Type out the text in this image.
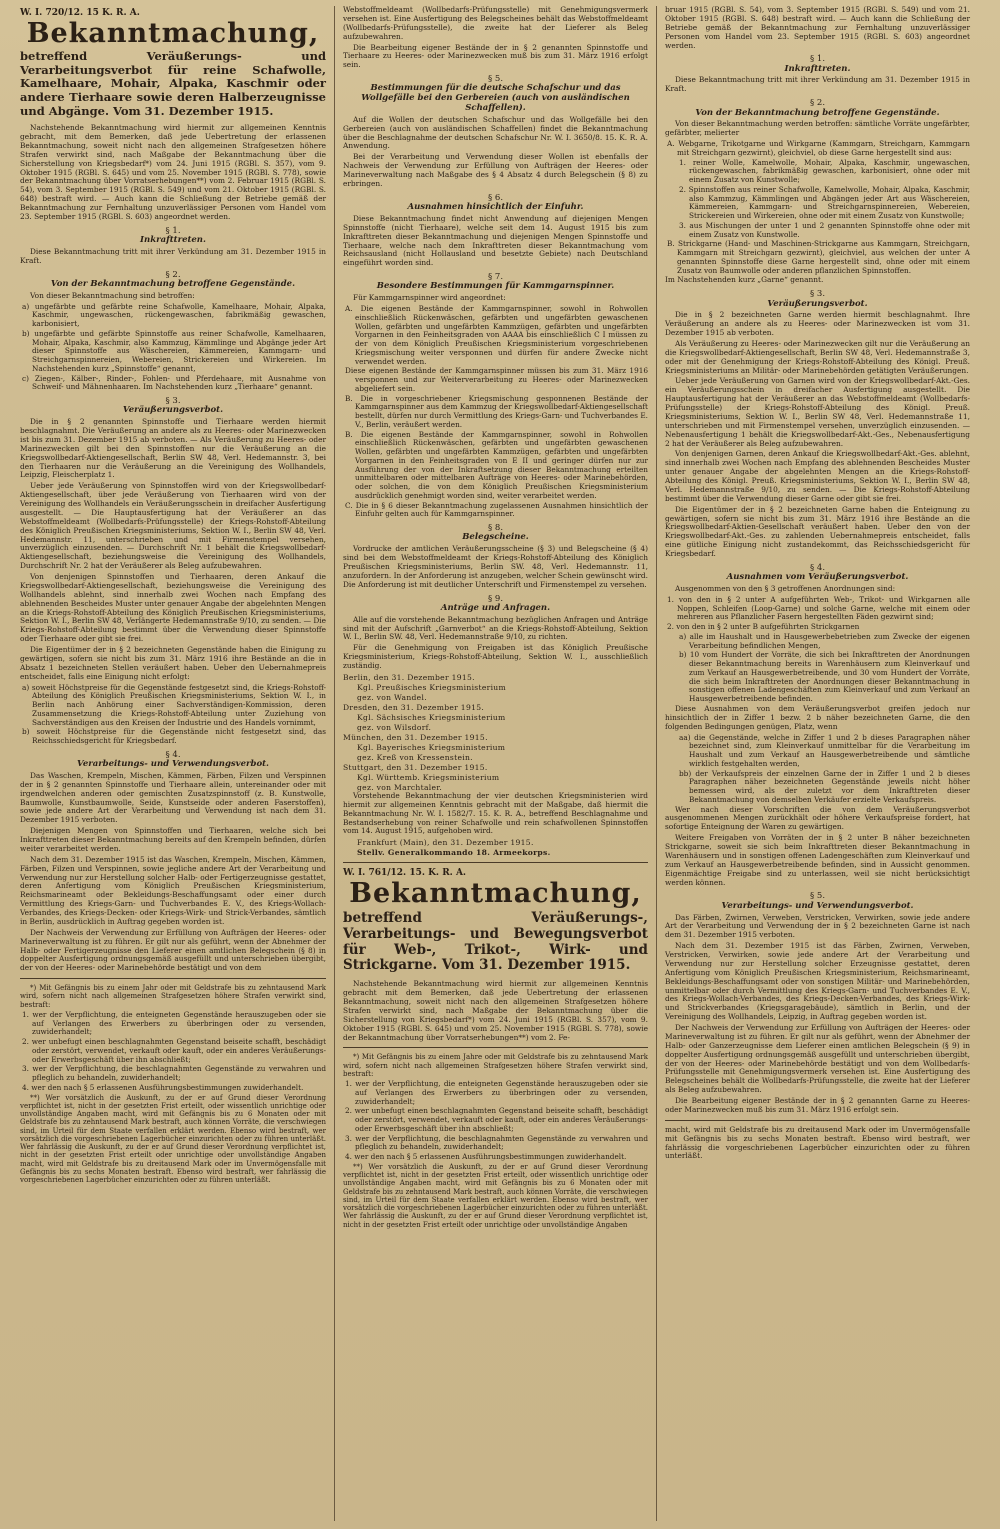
W. I. 720/12. 15 K. R. A.
Bekanntmachung,
betreffend Veräußerungs- und Verarbeitungsverbot für reine Schafwolle, Kamelhaare, Mohair, Alpaka, Kaschmir oder andere Tierhaare sowie deren Halberzeugnisse und Abgänge. Vom 31. Dezember 1915.

Nachstehende Bekanntmachung wird hiermit zur allgemeinen Kenntnis gebracht, mit dem Bemerken, daß jede Uebertretung der erlassenen Bekanntmachung, soweit nicht nach den allgemeinen Strafgesetzen höhere Strafen verwirkt sind, nach Maßgabe der Bekanntmachung über die Sicherstellung von Kriegsbedarf*) vom 24. Juni 1915 (RGBl. S. 357), vom 9. Oktober 1915 (RGBl. S. 645) und vom 25. November 1915 (RGBl. S. 778), sowie der Bekanntmachung über Vorratserhebungen**) vom 2. Februar 1915 (RGBl. S. 54), vom 3. September 1915 (RGBl. S. 549) und vom 21. Oktober 1915 (RGBl. S. 648) bestraft wird. — Auch kann die Schließung der Betriebe gemäß der Bekanntmachung zur Fernhaltung unzuverlässiger Personen vom Handel vom 23. September 1915 (RGBl. S. 603) angeordnet werden.

§ 1.
Inkrafttreten.

Diese Bekanntmachung tritt mit ihrer Verkündung am 31. Dezember 1915 in Kraft.

§ 2.
Von der Bekanntmachung betroffene Gegenstände.

Von dieser Bekanntmachung sind betroffen:

a) ungefärbte und gefärbte reine Schafwolle, Kamelhaare, Mohair, Alpaka, Kaschmir, ungewaschen, rückengewaschen, fabrikmäßig gewaschen, karbonisiert,
b) ungefärbte und gefärbte Spinnstoffe aus reiner Schafwolle, Kamelhaaren, Mohair, Alpaka, Kaschmir, also Kammzug, Kämmlinge und Abgänge jeder Art dieser Spinnstoffe aus Wäschereien, Kämmereien, Kammgarn- und Streichgarnspinnereien, Webereien, Strickereien und Wirkereien. Im Nachstehenden kurz „Spinnstoffe“ genannt,
c) Ziegen-, Kälber-, Rinder-, Fohlen- und Pferdehaare, mit Ausnahme von Schweif- und Mähnenhaaren. Im Nachstehenden kurz „Tierhaare“ genannt.
§ 3.
Veräußerungsverbot.

Die in § 2 genannten Spinnstoffe und Tierhaare werden hiermit beschlagnahmt. Die Veräußerung an andere als zu Heeres- oder Marinezwecken ist bis zum 31. Dezember 1915 ab verboten. — Als Veräußerung zu Heeres- oder Marinezwecken gilt bei den Spinnstoffen nur die Veräußerung an die Kriegswollbedarf-Aktiengesellschaft, Berlin SW 48, Verl. Hedemannstr. 3, bei den Tierhaaren nur die Veräußerung an die Vereinigung des Wollhandels, Leipzig, Fleischerplatz 1.

Ueber jede Veräußerung von Spinnstoffen wird von der Kriegswollbedarf-Aktiengesellschaft, über jede Veräußerung von Tierhaaren wird von der Vereinigung des Wollhandels ein Veräußerungsschein in dreifacher Ausfertigung ausgestellt. — Die Hauptausfertigung hat der Veräußerer an das Webstoffmeldeamt (Wollbedarfs-Prüfungsstelle) der Kriegs-Rohstoff-Abteilung des Königlich Preußischen Kriegsministeriums, Sektion W. I., Berlin SW 48, Verl. Hedemannstr. 11, unterschrieben und mit Firmenstempel versehen, unverzüglich einzusenden. — Durchschrift Nr. 1 behält die Kriegswollbedarf-Aktiengesellschaft, beziehungsweise die Vereinigung des Wollhandels, Durchschrift Nr. 2 hat der Veräußerer als Beleg aufzubewahren.

Von denjenigen Spinnstoffen und Tierhaaren, deren Ankauf die Kriegswollbedarf-Aktiengesellschaft, beziehungsweise die Vereinigung des Wollhandels ablehnt, sind innerhalb zwei Wochen nach Empfang des ablehnenden Bescheides Muster unter genauer Angabe der abgelehnten Mengen an die Kriegs-Rohstoff-Abteilung des Königlich Preußischen Kriegsministeriums, Sektion W. I., Berlin SW 48, Verlängerte Hedemannstraße 9/10, zu senden. — Die Kriegs-Rohstoff-Abteilung bestimmt über die Verwendung dieser Spinnstoffe oder Tierhaare oder gibt sie frei.

Die Eigentümer der in § 2 bezeichneten Gegenstände haben die Einigung zu gewärtigen, sofern sie nicht bis zum 31. März 1916 ihre Bestände an die in Absatz 1 bezeichneten Stellen veräußert haben. Ueber den Uebernahmepreis entscheidet, falls eine Einigung nicht erfolgt:

a) soweit Höchstpreise für die Gegenstände festgesetzt sind, die Kriegs-Rohstoff-Abteilung des Königlich Preußischen Kriegsministeriums, Sektion W. I., in Berlin nach Anhörung einer Sachverständigen-Kommission, deren Zusammensetzung die Kriegs-Rohstoff-Abteilung unter Zuziehung von Sachverständigen aus den Kreisen der Industrie und des Handels vornimmt,
b) soweit Höchstpreise für die Gegenstände nicht festgesetzt sind, das Reichsschiedsgericht für Kriegsbedarf.
§ 4.
Verarbeitungs- und Verwendungsverbot.

Das Waschen, Krempeln, Mischen, Kämmen, Färben, Filzen und Verspinnen der in § 2 genannten Spinnstoffe und Tierhaare allein, untereinander oder mit irgendwelchen anderen oder gemischten Zusatzspinnstoff (z. B. Kunstwolle, Baumwolle, Kunstbaumwolle, Seide, Kunstseide oder anderen Faserstoffen), sowie jede andere Art der Verarbeitung und Verwendung ist nach dem 31. Dezember 1915 verboten.

Diejenigen Mengen von Spinnstoffen und Tierhaaren, welche sich bei Inkrafttreten dieser Bekanntmachung bereits auf den Krempeln befinden, dürfen weiter verarbeitet werden.

Nach dem 31. Dezember 1915 ist das Waschen, Krempeln, Mischen, Kämmen, Färben, Filzen und Verspinnen, sowie jegliche andere Art der Verarbeitung und Verwendung nur zur Herstellung solcher Halb- oder Fertigerzeugnisse gestattet, deren Anfertigung vom Königlich Preußischen Kriegsministerium, Reichsmarineamt oder Bekleidungs-Beschaffungsamt oder einer durch Vermittlung des Kriegs-Garn- und Tuchverbandes E. V., des Kriegs-Wollach-Verbandes, des Kriegs-Decken- oder Kriegs-Wirk- und Strick-Verbandes, sämtlich in Berlin, ausdrücklich in Auftrag gegeben worden ist.

Der Nachweis der Verwendung zur Erfüllung von Aufträgen der Heeres- oder Marineverwaltung ist zu führen. Er gilt nur als geführt, wenn der Abnehmer der Halb- oder Fertigerzeugnisse den Lieferer einen amtlichen Belegschein (§ 8) in doppelter Ausfertigung ordnungsgemäß ausgefüllt und unterschrieben übergibt, der von der Heeres- oder Marinebehörde bestätigt und von dem

*) Mit Gefängnis bis zu einem Jahr oder mit Geldstrafe bis zu zehntausend Mark wird, sofern nicht nach allgemeinen Strafgesetzen höhere Strafen verwirkt sind, bestraft:

1. wer der Verpflichtung, die enteigneten Gegenstände herauszugeben oder sie auf Verlangen des Erwerbers zu überbringen oder zu versenden, zuwiderhandelt;
2. wer unbefugt einen beschlagnahmten Gegenstand beiseite schafft, beschädigt oder zerstört, verwendet, verkauft oder kauft, oder ein anderes Veräußerungs- oder Erwerbsgeschäft über ihn abschließt;
3. wer der Verpflichtung, die beschlagnahmten Gegenstände zu verwahren und pfleglich zu behandeln, zuwiderhandelt;
4. wer den nach § 5 erlassenen Ausführungsbestimmungen zuwiderhandelt.

**) Wer vorsätzlich die Auskunft, zu der er auf Grund dieser Verordnung verpflichtet ist, nicht in der gesetzten Frist erteilt, oder wissentlich unrichtige oder unvollständige Angaben macht, wird mit Gefängnis bis zu 6 Monaten oder mit Geldstrafe bis zu zehntausend Mark bestraft, auch können Vorräte, die verschwiegen sind, im Urteil für dem Staate verfallen erklärt werden. Ebenso wird bestraft, wer vorsätzlich die vorgeschriebenen Lagerbücher einzurichten oder zu führen unterläßt. Wer fahrlässig die Auskunft, zu der er auf Grund dieser Verordnung verpflichtet ist, nicht in der gesetzten Frist erteilt oder unrichtige oder unvollständige Angaben macht, wird mit Geldstrafe bis zu dreitausend Mark oder im Unvermögensfalle mit Gefängnis bis zu sechs Monaten bestraft. Ebenso wird bestraft, wer fahrlässig die vorgeschriebenen Lagerbücher einzurichten oder zu führen unterläßt.

Webstoffmeldeamt (Wollbedarfs-Prüfungsstelle) mit Genehmigungsvermerk versehen ist. Eine Ausfertigung des Belegscheines behält das Webstoffmeldeamt (Wollbedarfs-Prüfungsstelle), die zweite hat der Lieferer als Beleg aufzubewahren.

Die Bearbeitung eigener Bestände der in § 2 genannten Spinnstoffe und Tierhaare zu Heeres- oder Marinezwecken muß bis zum 31. März 1916 erfolgt sein.

§ 5.
Bestimmungen für die deutsche Schafschur und das Wollgefälle bei den Gerbereien (auch von ausländischen Schaffellen).

Auf die Wollen der deutschen Schafschur und das Wollgefälle bei den Gerbereien (auch von ausländischen Schaffellen) findet die Bekanntmachung über die Beschlagnahme der deutschen Schafschur Nr. W. I. 3650/8. 15. K. R. A. Anwendung.

Bei der Verarbeitung und Verwendung dieser Wollen ist ebenfalls der Nachweis der Verwendung zur Erfüllung von Aufträgen der Heeres- oder Marineverwaltung nach Maßgabe des § 4 Absatz 4 durch Belegschein (§ 8) zu erbringen.

§ 6.
Ausnahmen hinsichtlich der Einfuhr.

Diese Bekanntmachung findet nicht Anwendung auf diejenigen Mengen Spinnstoffe (nicht Tierhaare), welche seit dem 14. August 1915 bis zum Inkrafttreten dieser Bekanntmachung und diejenigen Mengen Spinnstoffe und Tierhaare, welche nach dem Inkrafttreten dieser Bekanntmachung vom Reichsausland (nicht Hollausland und besetzte Gebiete) nach Deutschland eingeführt worden sind.

§ 7.
Besondere Bestimmungen für Kammgarnspinner.

Für Kammgarnspinner wird angeordnet:

A. Die eigenen Bestände der Kammgarnspinner, sowohl in Rohwollen einschließlich Rückenwäschen, gefärbten und ungefärbten gewaschenen Wollen, gefärbten und ungefärbten Kammzügen, gefärbten und ungefärbten Vorgarnen in den Feinheitsgraden von AAAA bis einschließlich C I müssen zu der von dem Königlich Preußischen Kriegsministerium vorgeschriebenen Kriegsmischung weiter versponnen und dürfen für andere Zwecke nicht verwendet werden.
Diese eigenen Bestände der Kammgarnspinner müssen bis zum 31. März 1916 versponnen und zur Weiterverarbeitung zu Heeres- oder Marinezwecken abgeliefert sein.
B. Die in vorgeschriebener Kriegsmischung gesponnenen Bestände der Kammgarnspinner aus dem Kammzug der Kriegswollbedarf-Aktiengesellschaft bestellt, dürfen nur durch Vermittlung des Kriegs-Garn- und Tuchverbandes E. V., Berlin, veräußert werden.
B. Die eigenen Bestände der Kammgarnspinner, sowohl in Rohwollen einschließlich Rückenwäschen, gefärbten und ungefärbten gewaschenen Wollen, gefärbten und ungefärbten Kammzügen, gefärbten und ungefärbten Vorgarnen in den Feinheitsgraden von E II und geringer dürfen nur zur Ausführung der von der Inkraftsetzung dieser Bekanntmachung erteilten unmittelbaren oder mittelbaren Aufträge von Heeres- oder Marinebehörden, oder solchen, die von dem Königlich Preußischen Kriegsministerium ausdrücklich genehmigt worden sind, weiter verarbeitet werden.
C. Die in § 6 dieser Bekanntmachung zugelassenen Ausnahmen hinsichtlich der Einfuhr gelten auch für Kammgarnspinner.
§ 8.
Belegscheine.

Vordrucke der amtlichen Veräußerungsscheine (§ 3) und Belegscheine (§ 4) sind bei dem Webstoffmeldeamt der Kriegs-Rohstoff-Abteilung des Königlich Preußischen Kriegsministeriums, Berlin SW. 48, Verl. Hedemannstr. 11, anzufordern. In der Anforderung ist anzugeben, welcher Schein gewünscht wird. Die Anforderung ist mit deutlicher Unterschrift und Firmenstempel zu versehen.

§ 9.
Anträge und Anfragen.

Alle auf die vorstehende Bekanntmachung bezüglichen Anfragen und Anträge sind mit der Aufschrift „Garnverbot“ an die Kriegs-Rohstoff-Abteilung, Sektion W. I., Berlin SW. 48, Verl. Hedemannstraße 9/10, zu richten.

Für die Genehmigung von Freigaben ist das Königlich Preußische Kriegsministerium, Kriegs-Rohstoff-Abteilung, Sektion W. I., ausschließlich zuständig.

Berlin, den 31. Dezember 1915.
Kgl. Preußisches Kriegsministerium
gez. von Wandel.
Dresden, den 31. Dezember 1915.
Kgl. Sächsisches Kriegsministerium
gez. von Wilsdorf.
München, den 31. Dezember 1915.
Kgl. Bayerisches Kriegsministerium
gez. Kreß von Kressenstein.
Stuttgart, den 31. Dezember 1915.
Kgl. Württemb. Kriegsministerium
gez. von Marchtaler.

Vorstehende Bekanntmachung der vier deutschen Kriegsministerien wird hiermit zur allgemeinen Kenntnis gebracht mit der Maßgabe, daß hiermit die Bekanntmachung Nr. W. I. 1582/7. 15. K. R. A., betreffend Beschlagnahme und Bestandserhebung von reiner Schafwolle und rein schafwollenen Spinnstoffen vom 14. August 1915, aufgehoben wird.

Frankfurt (Main), den 31. Dezember 1915.
Stellv. Generalkommando 18. Armeekorps.
W. I. 761/12. 15. K. R. A.
Bekanntmachung,
betreffend Veräußerungs-, Verarbeitungs- und Bewegungsverbot für Web-, Trikot-, Wirk- und Strickgarne. Vom 31. Dezember 1915.

Nachstehende Bekanntmachung wird hiermit zur allgemeinen Kenntnis gebracht mit dem Bemerken, daß jede Uebertretung der erlassenen Bekanntmachung, soweit nicht nach den allgemeinen Strafgesetzen höhere Strafen verwirkt sind, nach Maßgabe der Bekanntmachung über die Sicherstellung von Kriegsbedarf*) vom 24. Juni 1915 (RGBl. S. 357), vom 9. Oktober 1915 (RGBl. S. 645) und vom 25. November 1915 (RGBl. S. 778), sowie der Bekanntmachung über Vorratserhebungen**) vom 2. Fe-

*) Mit Gefängnis bis zu einem Jahre oder mit Geldstrafe bis zu zehntausend Mark wird, sofern nicht nach allgemeinen Strafgesetzen höhere Strafen verwirkt sind, bestraft:

1. wer der Verpflichtung, die enteigneten Gegenstände herauszugeben oder sie auf Verlangen des Erwerbers zu überbringen oder zu versenden, zuwiderhandelt;
2. wer unbefugt einen beschlagnahmten Gegenstand beiseite schafft, beschädigt oder zerstört, verwendet, verkauft oder kauft, oder ein anderes Veräußerungs- oder Erwerbsgeschäft über ihn abschließt;
3. wer der Verpflichtung, die beschlagnahmten Gegenstände zu verwahren und pfleglich zu behandeln, zuwiderhandelt;
4. wer den nach § 5 erlassenen Ausführungsbestimmungen zuwiderhandelt.

**) Wer vorsätzlich die Auskunft, zu der er auf Grund dieser Verordnung verpflichtet ist, nicht in der gesetzten Frist erteilt, oder wissentlich unrichtige oder unvollständige Angaben macht, wird mit Gefängnis bis zu 6 Monaten oder mit Geldstrafe bis zu zehntausend Mark bestraft, auch können Vorräte, die verschwiegen sind, im Urteil für dem Staate verfallen erklärt werden. Ebenso wird bestraft, wer vorsätzlich die vorgeschriebenen Lagerbücher einzurichten oder zu führen unterläßt. Wer fahrlässig die Auskunft, zu der er auf Grund dieser Verordnung verpflichtet ist, nicht in der gesetzten Frist erteilt oder unrichtige oder unvollständige Angaben

bruar 1915 (RGBl. S. 54), vom 3. September 1915 (RGBl. S. 549) und vom 21. Oktober 1915 (RGBl. S. 648) bestraft wird. — Auch kann die Schließung der Betriebe gemäß der Bekanntmachung zur Fernhaltung unzuverlässiger Personen vom Handel vom 23. September 1915 (RGBl. S. 603) angeordnet werden.

§ 1.
Inkrafttreten.

Diese Bekanntmachung tritt mit ihrer Verkündung am 31. Dezember 1915 in Kraft.

§ 2.
Von der Bekanntmachung betroffene Gegenstände.

Von dieser Bekanntmachung werden betroffen: sämtliche Vorräte ungefärbter, gefärbter, melierter

A. Webgarne, Trikotgarne und Wirkgarne (Kammgarn, Streichgarn, Kammgarn mit Streichgarn gezwirnt), gleichviel, ob diese Garne hergestellt sind aus:
1. reiner Wolle, Kamelwolle, Mohair, Alpaka, Kaschmir, ungewaschen, rückengewaschen, fabrikmäßig gewaschen, karbonisiert, ohne oder mit einem Zusatz von Kunstwolle;
2. Spinnstoffen aus reiner Schafwolle, Kamelwolle, Mohair, Alpaka, Kaschmir, also Kammzug, Kämmlingen und Abgängen jeder Art aus Wäschereien, Kämmereien, Kammgarn- und Streichgarnspinnereien, Webereien, Strickereien und Wirkereien, ohne oder mit einem Zusatz von Kunstwolle;
3. aus Mischungen der unter 1 und 2 genannten Spinnstoffe ohne oder mit einem Zusatz von Kunstwolle.
B. Strickgarne (Hand- und Maschinen-Strickgarne aus Kammgarn, Streichgarn, Kammgarn mit Streichgarn gezwirnt), gleichviel, aus welchen der unter A genannten Spinnstoffe diese Garne hergestellt sind, ohne oder mit einem Zusatz von Baumwolle oder anderen pflanzlichen Spinnstoffen.

Im Nachstehenden kurz „Garne“ genannt.

§ 3.
Veräußerungsverbot.

Die in § 2 bezeichneten Garne werden hiermit beschlagnahmt. Ihre Veräußerung an andere als zu Heeres- oder Marinezwecken ist vom 31. Dezember 1915 ab verboten.

Als Veräußerung zu Heeres- oder Marinezwecken gilt nur die Veräußerung an die Kriegswollbedarf-Aktiengesellschaft, Berlin SW 48, Verl. Hedemannstraße 3, oder mit der Genehmigung der Kriegs-Rohstoff-Abteilung des Königl. Preuß. Kriegsministeriums an Militär- oder Marinebehörden getätigten Veräußerungen.

Ueber jede Veräußerung von Garnen wird von der Kriegswollbedarf-Akt.-Ges. ein Veräußerungsschein in dreifacher Ausfertigung ausgestellt. Die Hauptausfertigung hat der Veräußerer an das Webstoffmeldeamt (Wollbedarfs-Prüfungsstelle) der Kriegs-Rohstoff-Abteilung des Königl. Preuß. Kriegsministeriums, Sektion W. I., Berlin SW 48, Verl. Hedemannstraße 11, unterschrieben und mit Firmenstempel versehen, unverzüglich einzusenden. — Nebenausfertigung 1 behält die Kriegswollbedarf-Akt.-Ges., Nebenausfertigung 2 hat der Veräußerer als Beleg aufzubewahren.

Von denjenigen Garnen, deren Ankauf die Kriegswollbedarf-Akt.-Ges. ablehnt, sind innerhalb zwei Wochen nach Empfang des ablehnenden Bescheides Muster unter genauer Angabe der abgelehnten Mengen an die Kriegs-Rohstoff-Abteilung des Königl. Preuß. Kriegsministeriums, Sektion W. I., Berlin SW 48, Verl. Hedemannstraße 9/10, zu senden. — Die Kriegs-Rohstoff-Abteilung bestimmt über die Verwendung dieser Garne oder gibt sie frei.

Die Eigentümer der in § 2 bezeichneten Garne haben die Enteignung zu gewärtigen, sofern sie nicht bis zum 31. März 1916 ihre Bestände an die Kriegswollbedarf-Aktien-Gesellschaft veräußert haben. Ueber den von der Kriegswollbedarf-Akt.-Ges. zu zahlenden Uebernahmepreis entscheidet, falls eine gütliche Einigung nicht zustandekommt, das Reichsschiedsgericht für Kriegsbedarf.

§ 4.
Ausnahmen vom Veräußerungsverbot.

Ausgenommen von den § 3 getroffenen Anordnungen sind:

1. von den in § 2 unter A aufgeführten Web-, Trikot- und Wirkgarnen alle Noppen, Schleifen (Loop-Garne) und solche Garne, welche mit einem oder mehreren aus Pflanzlicher Fasern hergestellten Fäden gezwirnt sind;
2. von den in § 2 unter B aufgeführten Strickgarnen
a) alle im Haushalt und in Hausgewerbebetrieben zum Zwecke der eigenen Verarbeitung befindlichen Mengen,
b) 10 vom Hundert der Vorräte, die sich bei Inkrafttreten der Anordnungen dieser Bekanntmachung bereits in Warenhäusern zum Kleinverkauf und zum Verkauf an Hausgewerbetreibende, und 30 vom Hundert der Vorräte, die sich beim Inkrafttreten der Anordnungen dieser Bekanntmachung in sonstigen offenen Ladengeschäften zum Kleinverkauf und zum Verkauf an Hausgewerbetreibende befinden.

Diese Ausnahmen von dem Veräußerungsverbot greifen jedoch nur hinsichtlich der in Ziffer 1 bezw. 2 b näher bezeichneten Garne, die den folgenden Bedingungen genügen, Platz, wenn

aa) die Gegenstände, welche in Ziffer 1 und 2 b dieses Paragraphen näher bezeichnet sind, zum Kleinverkauf unmittelbar für die Verarbeitung im Haushalt und zum Verkauf an Hausgewerbetreibende und sämtliche wirklich festgehalten werden,
bb) der Verkaufspreis der einzelnen Garne der in Ziffer 1 und 2 b dieses Paragraphen näher bezeichneten Gegenstände jeweils nicht höher bemessen wird, als der zuletzt vor dem Inkrafttreten dieser Bekanntmachung von demselben Verkäufer erzielte Verkaufspreis.

Wer nach dieser Vorschriften die von dem Veräußerungsverbot ausgenommenen Mengen zurückhält oder höhere Verkaufspreise fordert, hat sofortige Enteignung der Waren zu gewärtigen.

Weitere Freigaben von Vorräten der in § 2 unter B näher bezeichneten Strickgarne, soweit sie sich beim Inkrafttreten dieser Bekanntmachung in Warenhäusern und in sonstigen offenen Ladengeschäften zum Kleinverkauf und zum Verkauf an Hausgewerbetreibende befinden, sind in Aussicht genommen. Eigenmächtige Freigabe sind zu unterlassen, weil sie nicht berücksichtigt werden können.

§ 5.
Verarbeitungs- und Verwendungsverbot.

Das Färben, Zwirnen, Verweben, Verstricken, Verwirken, sowie jede andere Art der Verarbeitung und Verwendung der in § 2 bezeichneten Garne ist nach dem 31. Dezember 1915 verboten.

Nach dem 31. Dezember 1915 ist das Färben, Zwirnen, Verweben, Verstricken, Verwirken, sowie jede andere Art der Verarbeitung und Verwendung nur zur Herstellung solcher Erzeugnisse gestattet, deren Anfertigung vom Königlich Preußischen Kriegsministerium, Reichsmarineamt, Bekleidungs-Beschaffungsamt oder von sonstigen Militär- und Marinebehörden, unmittelbar oder durch Vermittlung des Kriegs-Garn- und Tuchverbandes E. V., des Kriegs-Wollach-Verbandes, des Kriegs-Decken-Verbandes, des Kriegs-Wirk- und Strickverbandes (Kriegsgaragebäude), sämtlich in Berlin, und der Vereinigung des Wollhandels, Leipzig, in Auftrag gegeben worden ist.

Der Nachweis der Verwendung zur Erfüllung von Aufträgen der Heeres- oder Marineverwaltung ist zu führen. Er gilt nur als geführt, wenn der Abnehmer der Halb- oder Ganzerzeugnisse dem Lieferer einen amtlichen Belegschein (§ 9) in doppelter Ausfertigung ordnungsgemäß ausgefüllt und unterschrieben übergibt, der von der Heeres- oder Marinebehörde bestätigt und von dem Wollbedarfs-Prüfungsstelle mit Genehmigungsvermerk versehen ist. Eine Ausfertigung des Belegscheines behält die Wollbedarfs-Prüfungsstelle, die zweite hat der Lieferer als Beleg aufzubewahren.

Die Bearbeitung eigener Bestände der in § 2 genannten Garne zu Heeres- oder Marinezwecken muß bis zum 31. März 1916 erfolgt sein.

macht, wird mit Geldstrafe bis zu dreitausend Mark oder im Unvermögensfalle mit Gefängnis bis zu sechs Monaten bestraft. Ebenso wird bestraft, wer fahrlässig die vorgeschriebenen Lagerbücher einzurichten oder zu führen unterläßt.
